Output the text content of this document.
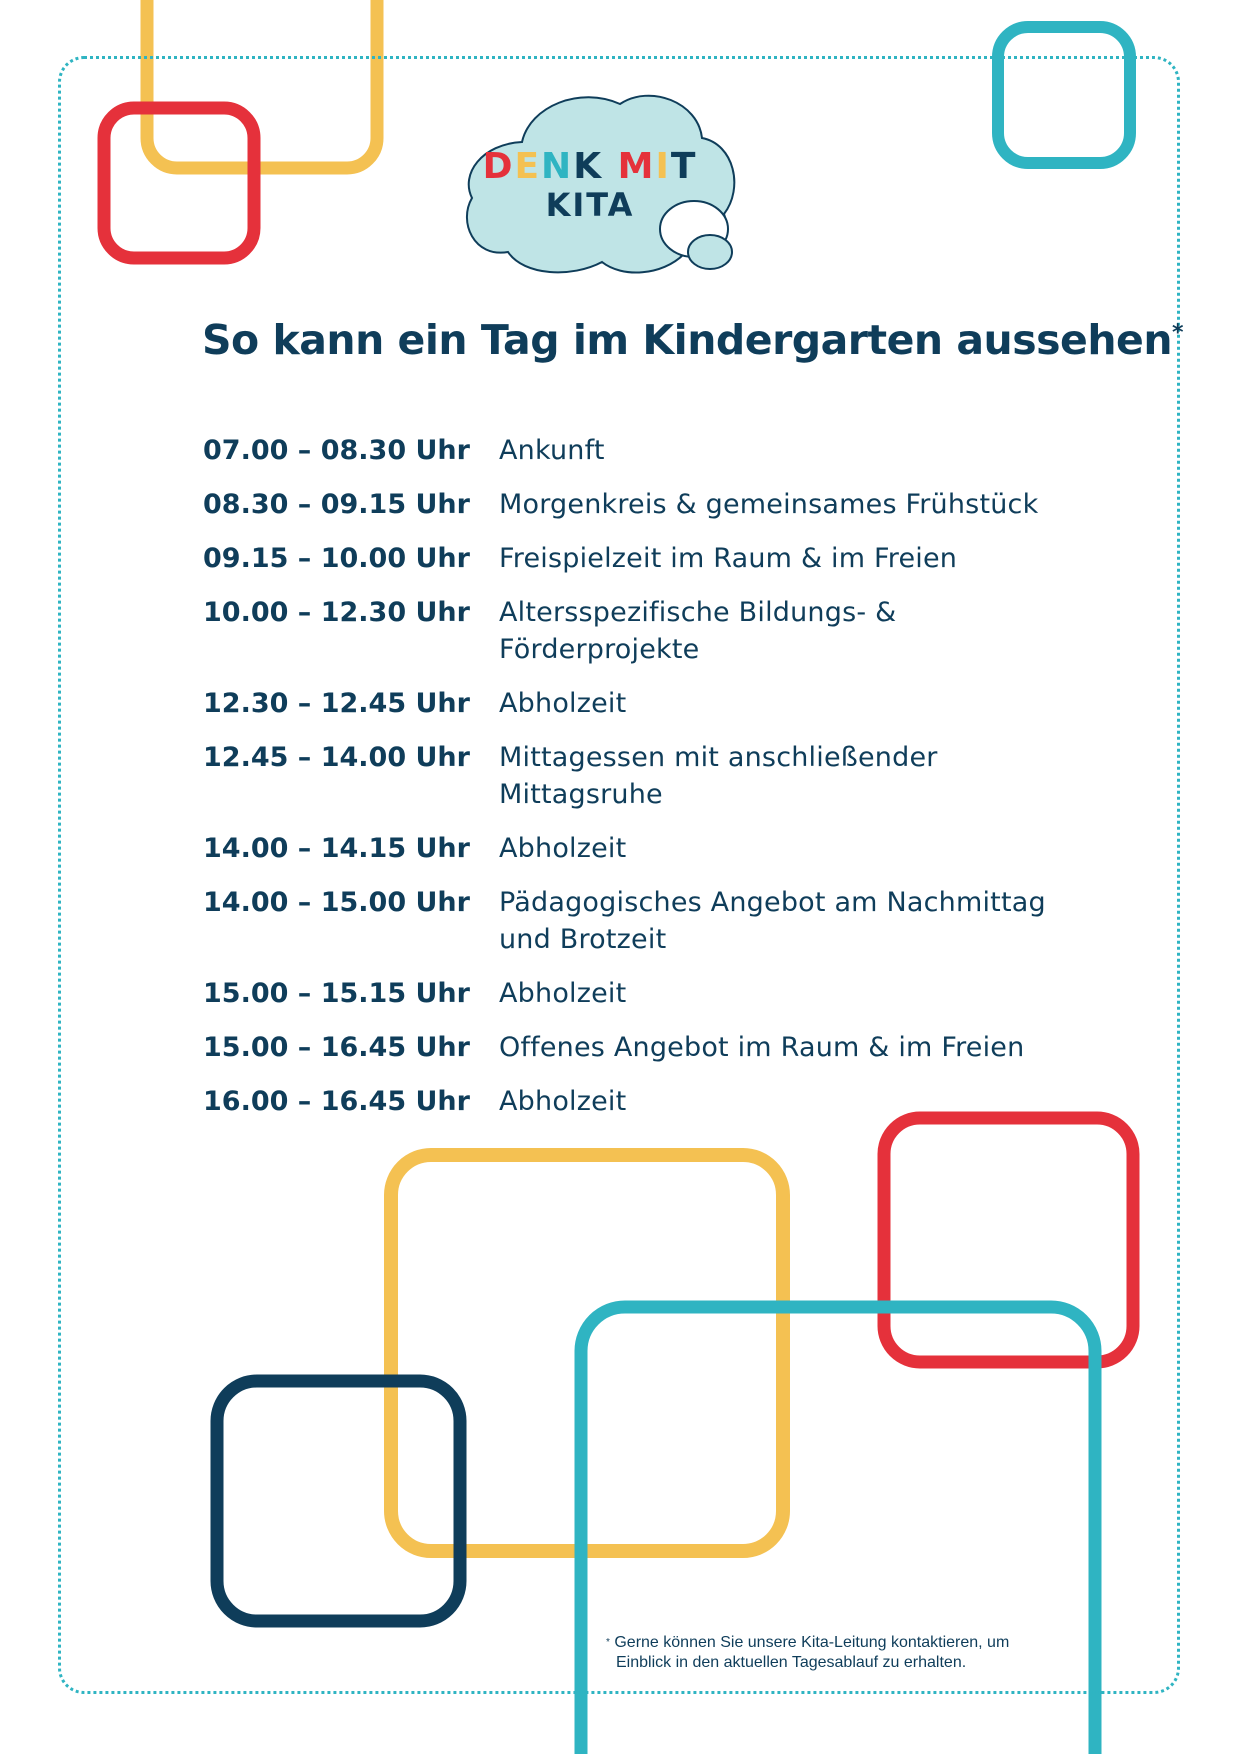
DENK MIT
KITA
So kann ein Tag im Kindergarten aussehen*
07.00 – 08.30 Uhr	Ankunft
08.30 – 09.15 Uhr	Morgenkreis & gemeinsames Frühstück
09.15 – 10.00 Uhr	Freispielzeit im Raum & im Freien
10.00 – 12.30 Uhr	Altersspezifische Bildungs- & Förderprojekte
12.30 – 12.45 Uhr	Abholzeit
12.45 – 14.00 Uhr	Mittagessen mit anschließender Mittagsruhe
14.00 – 14.15 Uhr	Abholzeit
14.00 – 15.00 Uhr	Pädagogisches Angebot am Nachmittag
und Brotzeit
15.00 – 15.15 Uhr	Abholzeit
15.00 – 16.45 Uhr	Offenes Angebot im Raum & im Freien
16.00 – 16.45 Uhr	Abholzeit
* Gerne können Sie unsere Kita-Leitung kontaktieren, um
Einblick in den aktuellen Tagesablauf zu erhalten.
